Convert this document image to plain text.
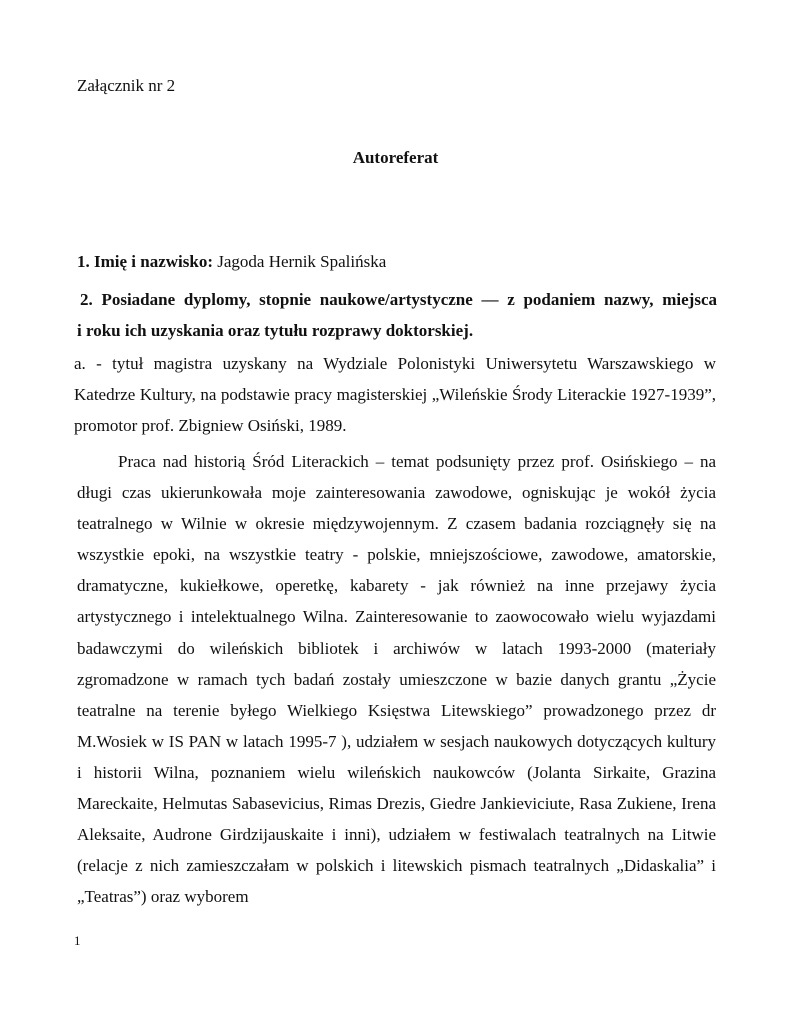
Załącznik nr 2
Autoreferat
1. Imię i nazwisko: Jagoda Hernik Spalińska
2. Posiadane dyplomy, stopnie naukowe/artystyczne — z podaniem nazwy, miejsca
i roku ich uzyskania oraz tytułu rozprawy doktorskiej.
a. - tytuł magistra uzyskany na Wydziale Polonistyki Uniwersytetu Warszawskiego w Katedrze Kultury, na podstawie pracy magisterskiej „Wileńskie Środy Literackie 1927-1939”, promotor prof. Zbigniew Osiński, 1989.
Praca nad historią Śród Literackich – temat podsunięty przez prof. Osińskiego – na długi czas ukierunkowała moje zainteresowania zawodowe, ogniskując je wokół życia teatralnego w Wilnie w okresie międzywojennym. Z czasem badania rozciągnęły się na wszystkie epoki, na wszystkie teatry - polskie, mniejszościowe, zawodowe, amatorskie, dramatyczne, kukiełkowe, operetkę, kabarety - jak również na inne przejawy życia artystycznego i intelektualnego Wilna. Zainteresowanie to zaowocowało wielu wyjazdami badawczymi do wileńskich bibliotek i archiwów w latach 1993-2000 (materiały zgromadzone w ramach tych badań zostały umieszczone w bazie danych grantu „Życie teatralne na terenie byłego Wielkiego Księstwa Litewskiego” prowadzonego przez dr M.Wosiek w IS PAN w latach 1995-7 ), udziałem w sesjach naukowych dotyczących kultury i historii Wilna, poznaniem wielu wileńskich naukowców (Jolanta Sirkaite, Grazina Mareckaite, Helmutas Sabasevicius, Rimas Drezis, Giedre Jankieviciute, Rasa Zukiene, Irena Aleksaite, Audrone Girdzijauskaite i inni), udziałem w festiwalach teatralnych na Litwie (relacje z nich zamieszczałam w polskich i litewskich pismach teatralnych „Didaskalia” i „Teatras”) oraz wyborem
1
